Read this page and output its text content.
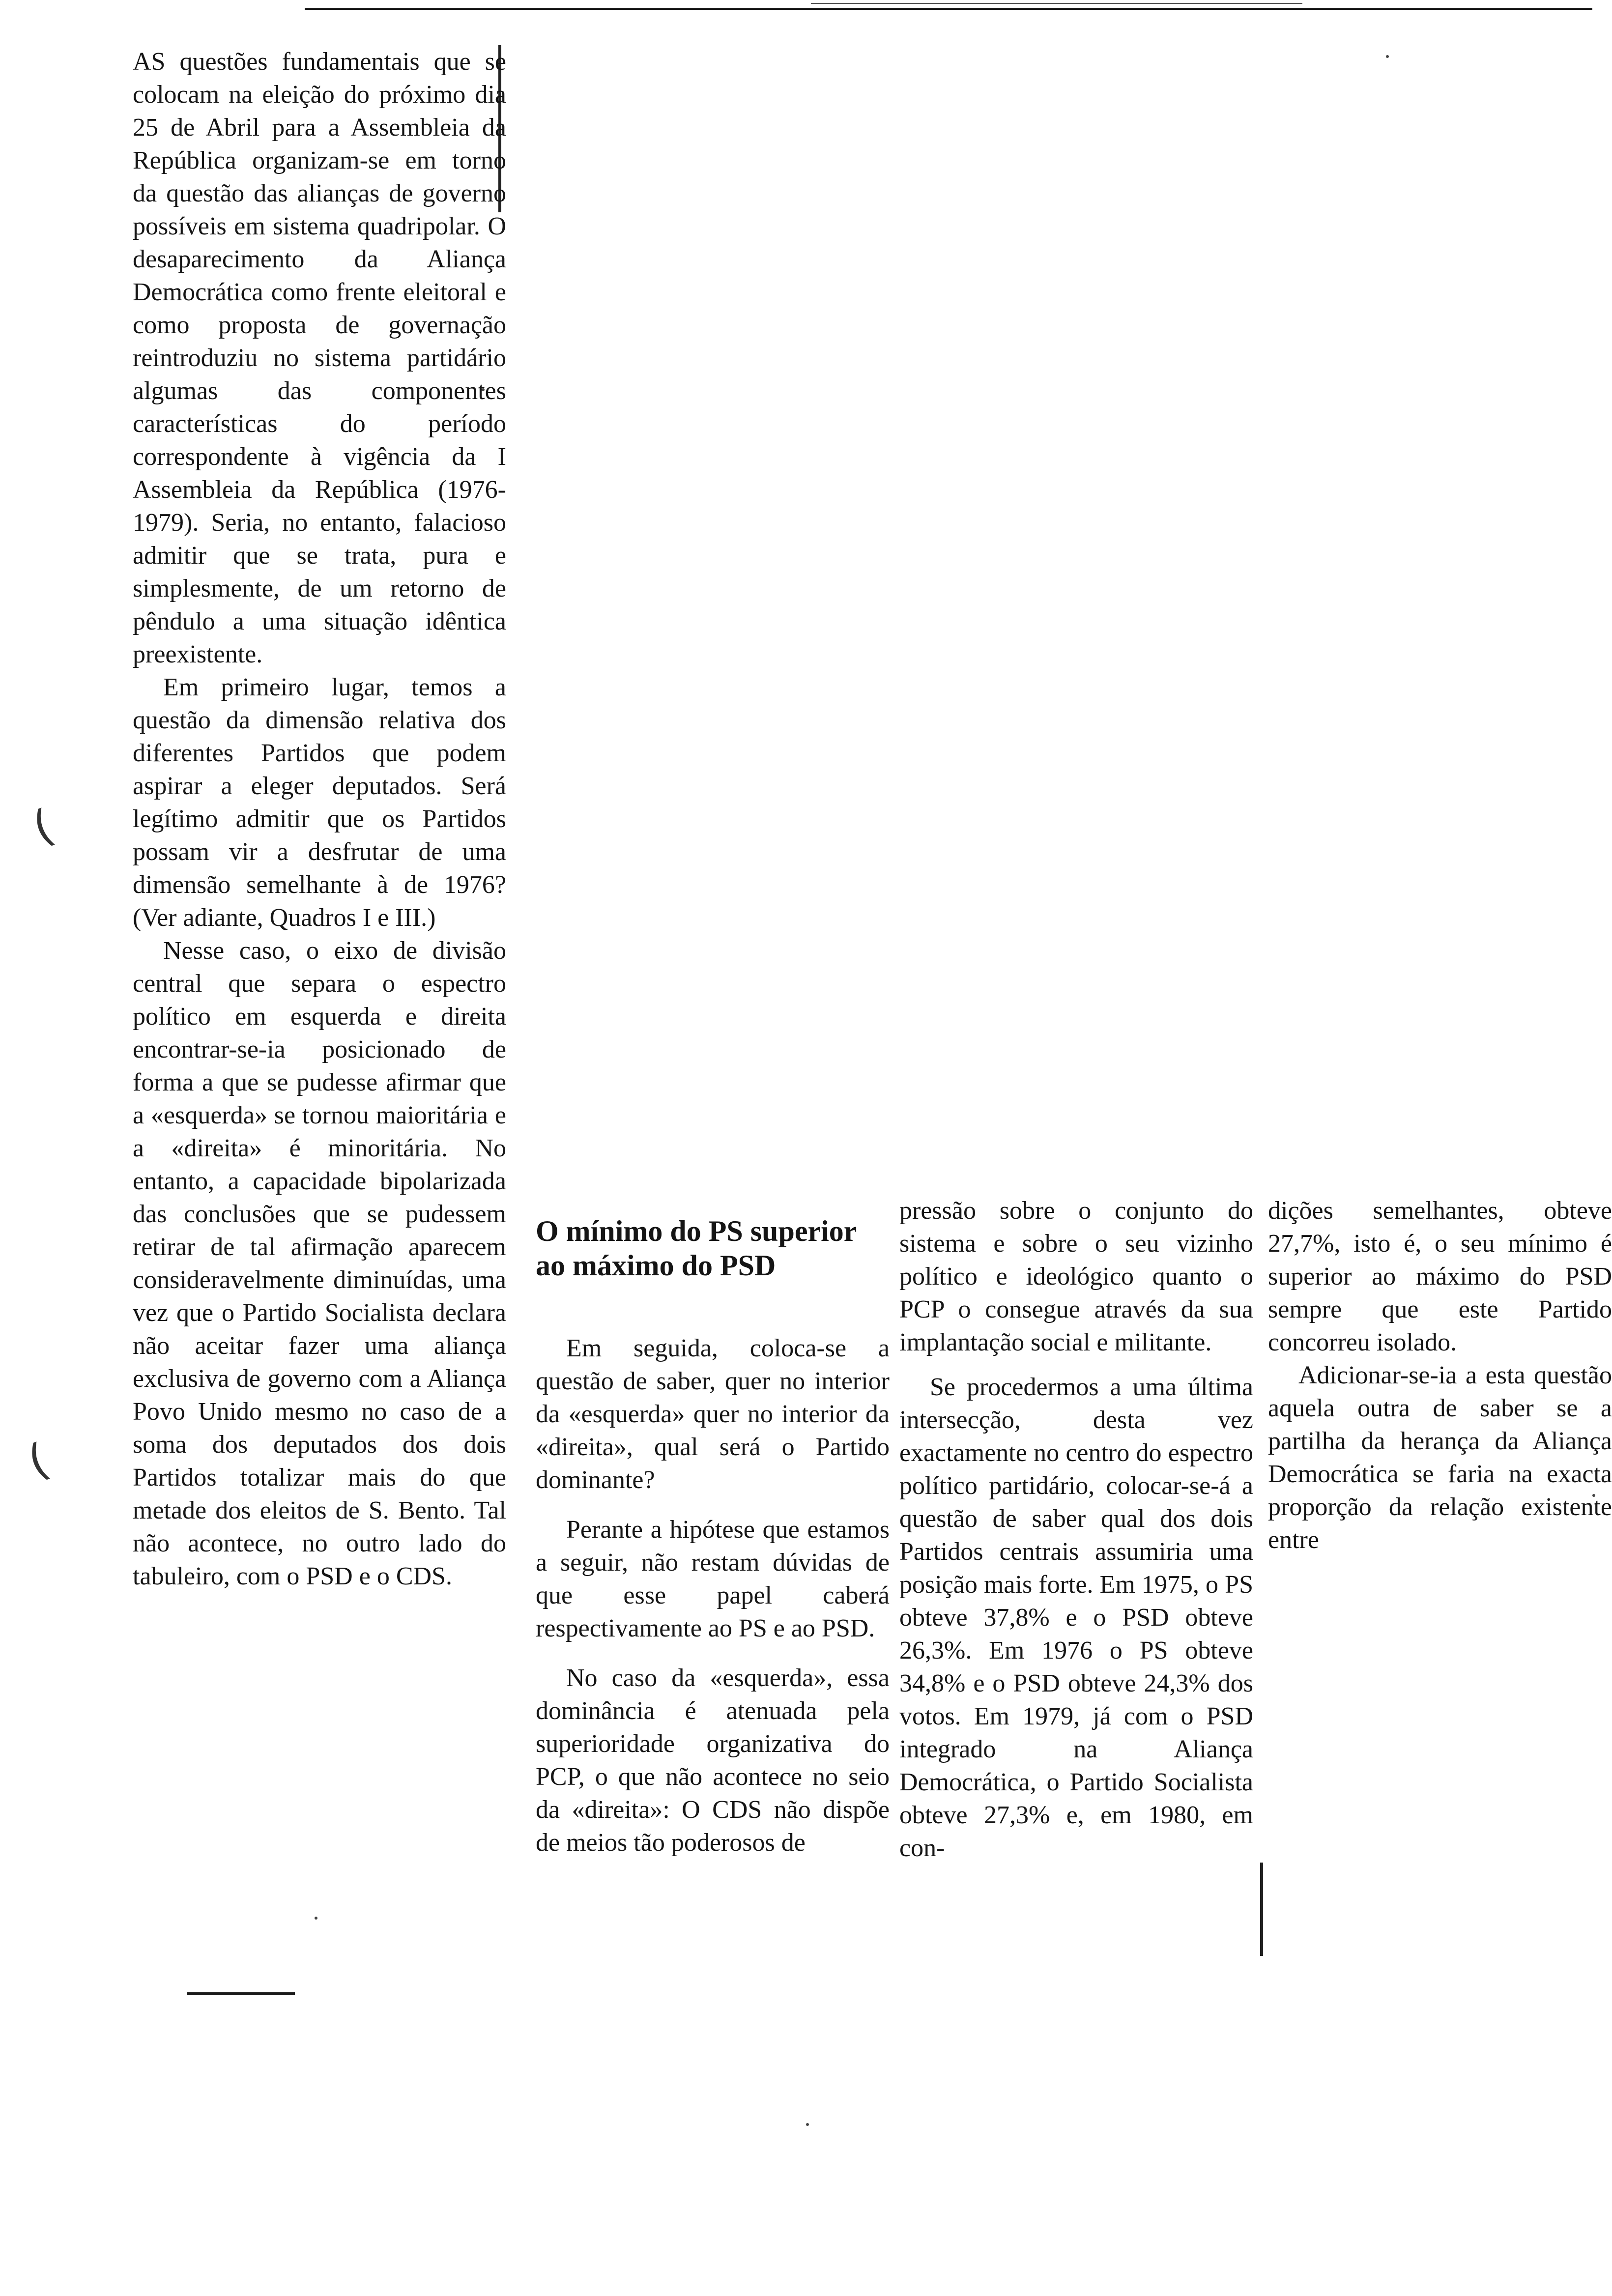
(
(

AS questões fundamentais que se colocam na eleição do próximo dia 25 de Abril para a Assembleia da República organizam-se em torno da questão das alianças de governo possíveis em sistema quadripolar. O desaparecimento da Aliança Democrática como frente eleitoral e como proposta de governação reintroduziu no sistema partidário algumas das componentes características do período correspondente à vigência da I Assembleia da República (1976-1979). Seria, no entanto, falacioso admitir que se trata, pura e simplesmente, de um retorno de pêndulo a uma situação idêntica preexistente.

Em primeiro lugar, temos a questão da dimensão relativa dos diferentes Partidos que podem aspirar a eleger deputados. Será legítimo admitir que os Partidos possam vir a desfrutar de uma dimensão semelhante à de 1976? (Ver adiante, Quadros I e III.)

Nesse caso, o eixo de divisão central que separa o espectro político em esquerda e direita encontrar-se-ia posicionado de forma a que se pudesse afirmar que a «esquerda» se tornou maioritária e a «direita» é minoritária. No entanto, a capacidade bipolarizada das conclusões que se pudessem retirar de tal afirmação aparecem consideravelmente diminuídas, uma vez que o Partido Socialista declara não aceitar fazer uma aliança exclusiva de governo com a Aliança Povo Unido mesmo no caso de a soma dos deputados dos dois Partidos totalizar mais do que metade dos eleitos de S. Bento. Tal não acontece, no outro lado do tabuleiro, com o PSD e o CDS.

O mínimo do PS superior ao máximo do PSD

Em seguida, coloca-se a questão de saber, quer no interior da «esquerda» quer no interior da «direita», qual será o Partido dominante?

Perante a hipótese que estamos a seguir, não restam dúvidas de que esse papel caberá respectivamente ao PS e ao PSD.

No caso da «esquerda», essa dominância é atenuada pela superioridade organizativa do PCP, o que não acontece no seio da «direita»: O CDS não dispõe de meios tão poderosos de

pressão sobre o conjunto do sistema e sobre o seu vizinho político e ideológico quanto o PCP o consegue através da sua implantação social e militante.

Se procedermos a uma última intersecção, desta vez exactamente no centro do espectro político partidário, colocar-se-á a questão de saber qual dos dois Partidos centrais assumiria uma posição mais forte. Em 1975, o PS obteve 37,8% e o PSD obteve 26,3%. Em 1976 o PS obteve 34,8% e o PSD obteve 24,3% dos votos. Em 1979, já com o PSD integrado na Aliança Democrática, o Partido Socialista obteve 27,3% e, em 1980, em con-

dições semelhantes, obteve 27,7%, isto é, o seu mínimo é superior ao máximo do PSD sempre que este Partido concorreu isolado.

Adicionar-se-ia a esta questão aquela outra de saber se a partilha da herança da Aliança Democrática se faria na exacta proporção da relação existente entre
